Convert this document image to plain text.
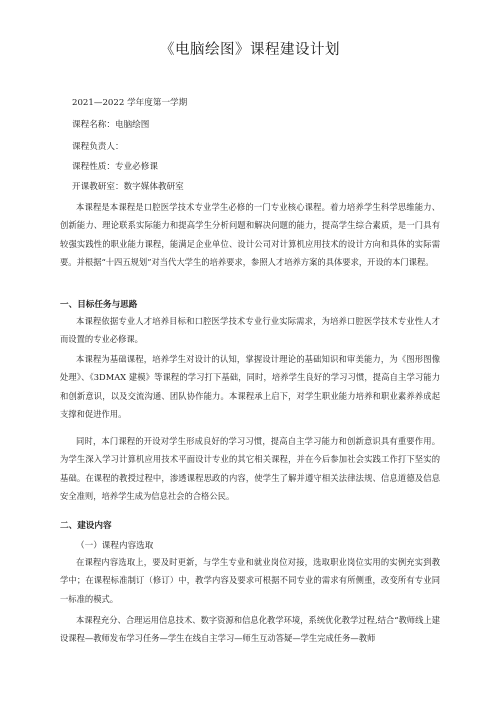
《电脑绘图》课程建设计划
2021—2022 学年度第一学期
课程名称：电脑绘图
课程负责人：
课程性质：专业必修课
开课教研室：数字媒体教研室
本课程是本课程是口腔医学技术专业学生必修的一门专业核心课程。着力培养学生科学思维能力、创新能力、理论联系实际能力和提高学生分析问题和解决问题的能力，提高学生综合素质，是一门具有较强实践性的职业能力课程，能满足企业单位、设计公司对计算机应用技术的设计方向和具体的实际需要。并根据“十四五规划”对当代大学生的培养要求，参照人才培养方案的具体要求，开设的本门课程。
一、目标任务与思路
本课程依据专业人才培养目标和口腔医学技术专业行业实际需求，为培养口腔医学技术专业性人才而设置的专业必修课。
本课程为基础课程，培养学生对设计的认知，掌握设计理论的基础知识和审美能力，为《图形图像处理》、《3DMAX 建模》等课程的学习打下基础，同时，培养学生良好的学习习惯，提高自主学习能力和创新意识，以及交流沟通、团队协作能力。本课程承上启下，对学生职业能力培养和职业素养养成起支撑和促进作用。
同时，本门课程的开设对学生形成良好的学习习惯，提高自主学习能力和创新意识具有重要作用。为学生深入学习计算机应用技术平面设计专业的其它相关课程，并在今后参加社会实践工作打下坚实的基础。在课程的教授过程中，渗透课程思政的内容，使学生了解并遵守相关法律法规、信息道德及信息安全准则，培养学生成为信息社会的合格公民。
二、建设内容
（一）课程内容选取
在课程内容选取上，要及时更新，与学生专业和就业岗位对接，选取职业岗位实用的实例充实到教学中；在课程标准制订（修订）中，教学内容及要求可根据不同专业的需求有所侧重，改变所有专业同一标准的模式。
本课程充分、合理运用信息技术、数字资源和信息化教学环境，系统优化教学过程,结合“教师线上建设课程—教师发布学习任务—学生在线自主学习—师生互动答疑—学生完成任务—教师
